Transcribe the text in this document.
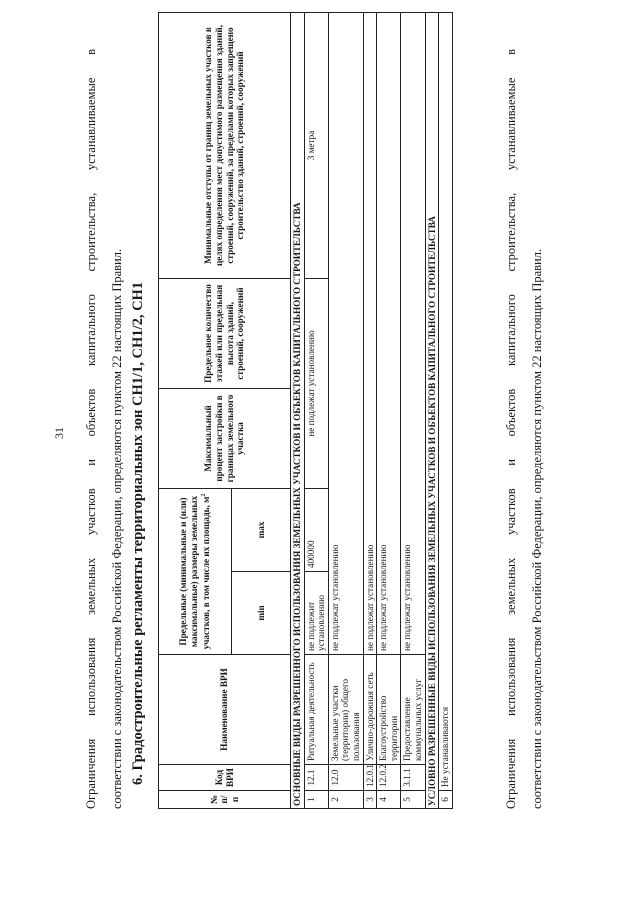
31	Ограничения использования земельных участков и объектов капитального строительства, устанавливаемые в соответствии с законодательством Российской Федерации, определяются пунктом 22 настоящих Правил. 6. Градостроительные регламенты территориальных зон СН1/1, СН1/2, СН1
№ п/п	Код ВРИ	Наименование ВРИ	Предельные (минимальные и (или) максимальные) размеры земельных участков, в том числе их площадь, $м^2$		Максимальный процент застройки в границах земельного участка	Предельное количество этажей или предельная высота зданий, строений, сооружений	Минимальные отступы от границ земельных участков в целях определения мест допустимого размещения зданий, строений, сооружений, за пределами которых запрещено строительство зданий, строений, сооружений
			min	max			
ОСНОВНЫЕ ВИДЫ РАЗРЕШЕННОГО ИСПОЛЬЗОВАНИЯ ЗЕМЕЛЬНЫХ УЧАСТКОВ И ОБЪЕКТОВ КАПИТАЛЬНОГО СТРОИТЕЛЬСТВА							
1	12.1	Ритуальная деятельность	не подлежит установлению	400000	не подлежат установлению		3 метра
2	12.0	Земельные участки (территории) общего пользования	не подлежат установлению				
3	12.0.1	Улично-дорожная сеть	не подлежат установлению				
4	12.0.2	Благоустройство территории	не подлежат установлению				
5	3.1.1	Предоставление коммунальных услуг	не подлежат установлению				
УСЛОВНО РАЗРЕШЕННЫЕ ВИДЫ ИСПОЛЬЗОВАНИЯ ЗЕМЕЛЬНЫХ УЧАСТКОВ И ОБЪЕКТОВ КАПИТАЛЬНОГО СТРОИТЕЛЬСТВА							
6	Не устанавливаются							Ограничения использования земельных участков и объектов капитального строительства, устанавливаемые в соответствии с законодательством Российской Федерации, определяются пунктом 22 настоящих Правил.
